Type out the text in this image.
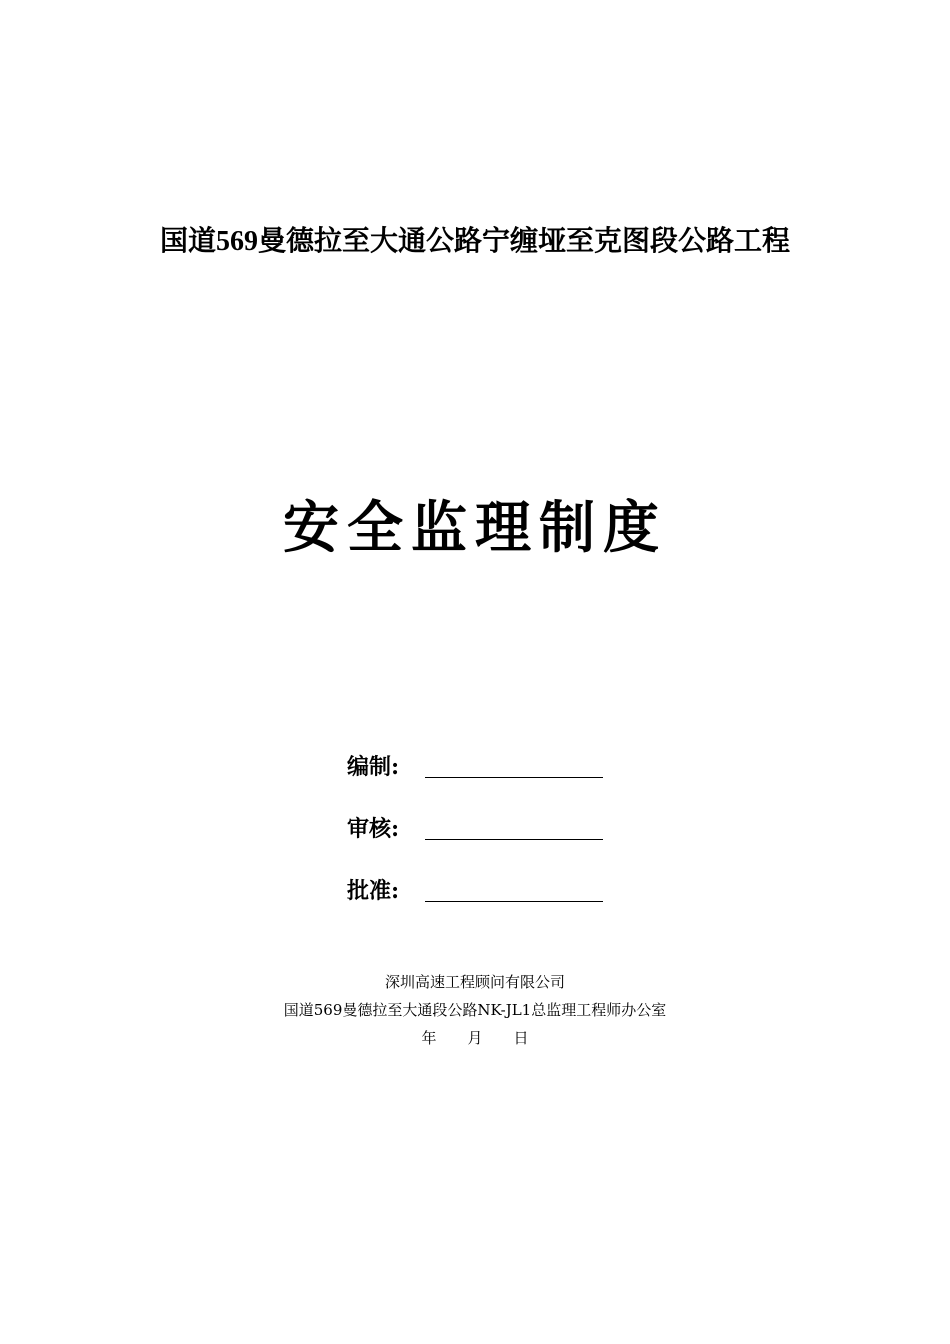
国道569曼德拉至大通公路宁缠垭至克图段公路工程
安全监理制度
编制:
审核:
批准:
深圳高速工程顾问有限公司
国道569曼德拉至大通段公路NK-JL1总监理工程师办公室
年 月 日
